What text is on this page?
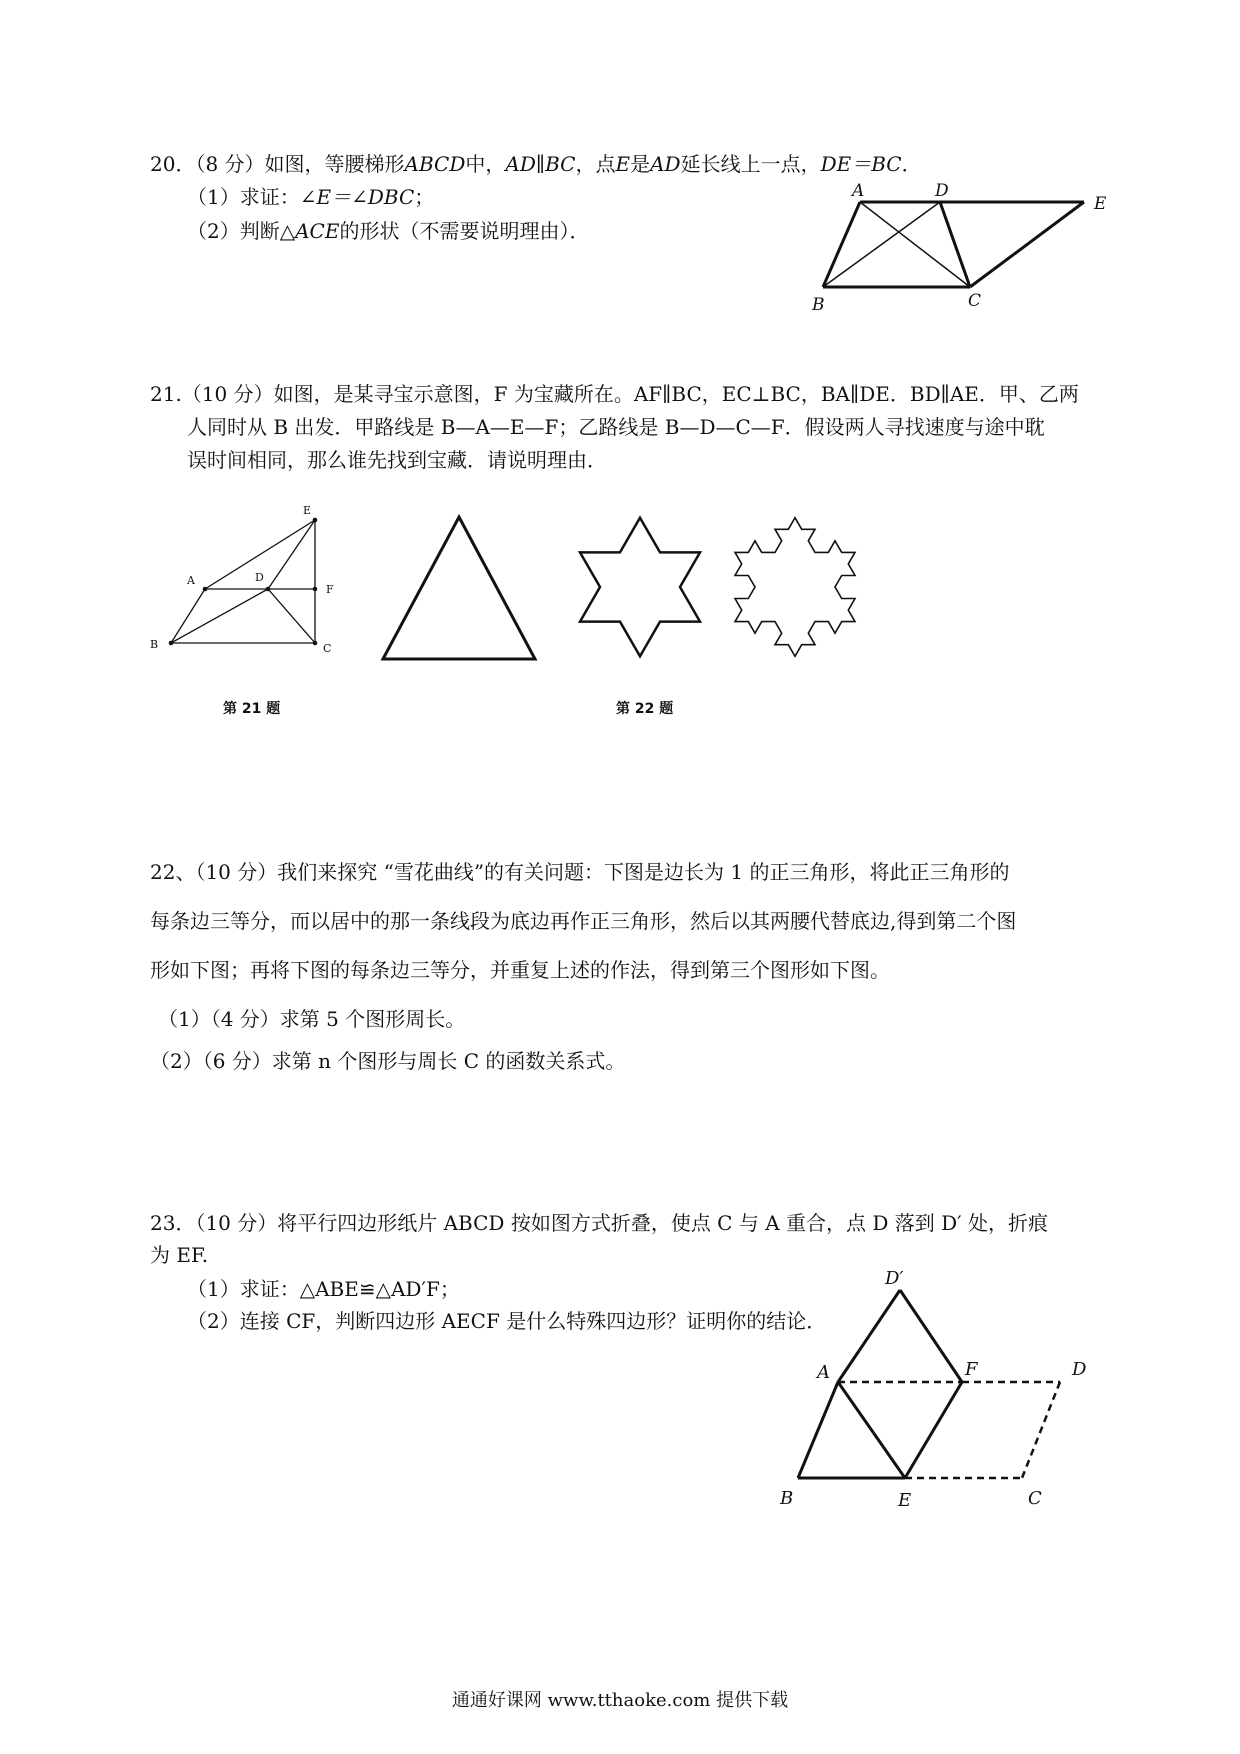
20．（8 分）如图，等腰梯形ABCD中，AD∥BC，点E是AD延长线上一点，DE＝BC．
（1）求证：∠E＝∠DBC；
（2）判断△ACE的形状（不需要说明理由）．
A	D
E
B	C
21.（10 分）如图，是某寻宝示意图，F 为宝藏所在。AF∥BC，EC⊥BC，BA∥DE．BD∥AE．甲、乙两
人同时从 B 出发．甲路线是 B—A—E—F；乙路线是 B—D—C—F．假设两人寻找速度与途中耽
误时间相同，那么谁先找到宝藏．请说明理由．
A	D
E
F
B	C
第 21 题	第 22 题
22、（10 分）我们来探究 “雪花曲线”的有关问题：下图是边长为 1 的正三角形，将此正三角形的
每条边三等分，而以居中的那一条线段为底边再作正三角形，然后以其两腰代替底边,得到第二个图
形如下图；再将下图的每条边三等分，并重复上述的作法，得到第三个图形如下图。
（1）（4 分）求第 5 个图形周长。
（2）（6 分）求第 n 个图形与周长 C 的函数关系式。
23．（10 分）将平行四边形纸片 ABCD 按如图方式折叠，使点 C 与 A 重合，点 D 落到 D′ 处，折痕
为 EF.
（1）求证：△ABE≌△AD′F；
（2）连接 CF，判断四边形 AECF 是什么特殊四边形？证明你的结论．
D′
A	F	D
B	E	C
通通好课网 www.tthaoke.com 提供下载
